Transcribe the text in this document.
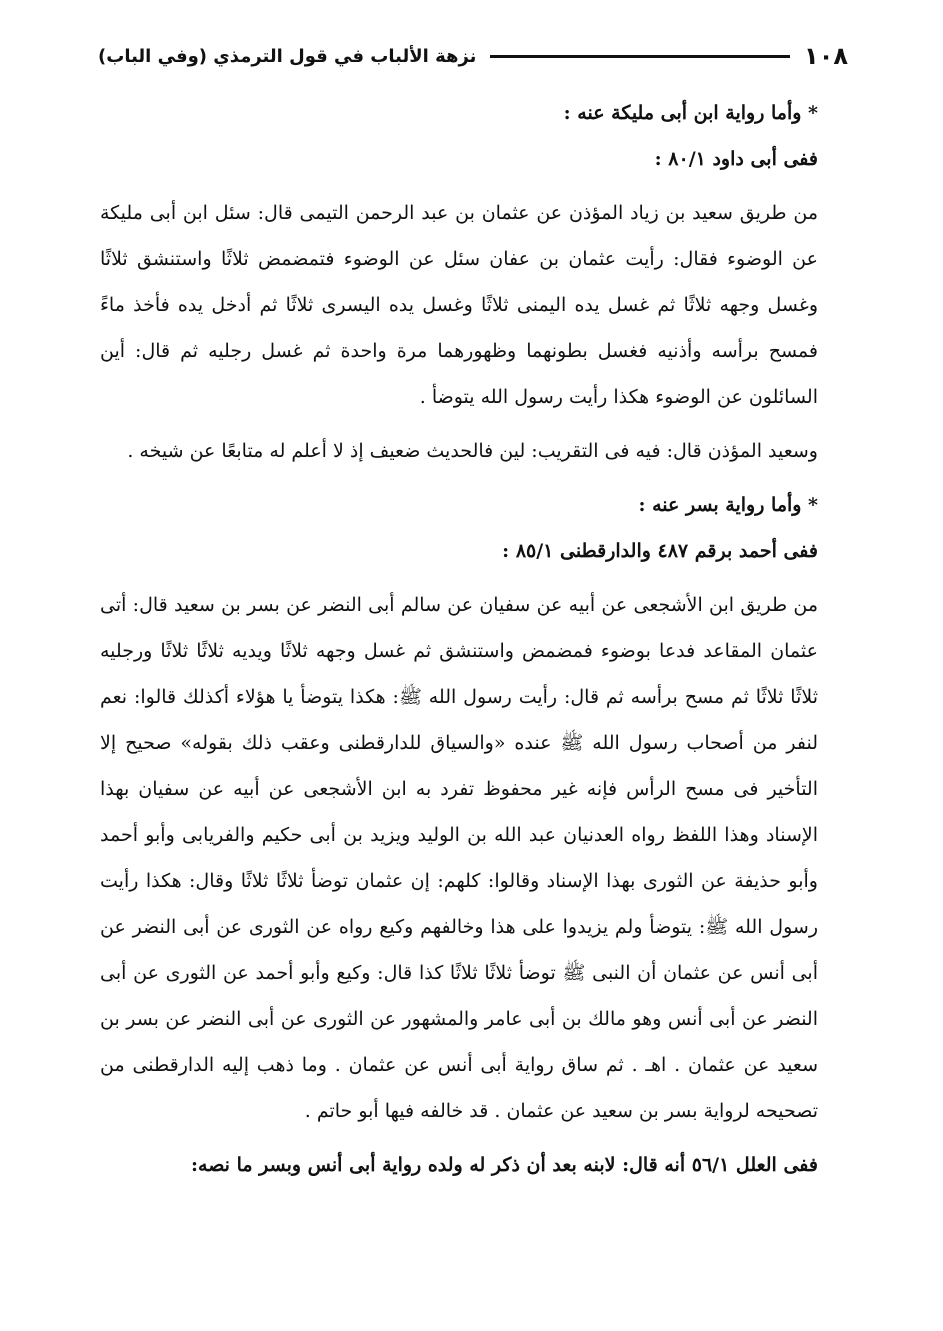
١٠٨
نزهة الألباب في قول الترمذي (وفي الباب)

* وأما رواية ابن أبى مليكة عنه :

ففى أبى داود ٨٠/١ :

من طريق سعيد بن زياد المؤذن عن عثمان بن عبد الرحمن التيمى قال: سئل ابن أبى مليكة عن الوضوء فقال: رأيت عثمان بن عفان سئل عن الوضوء فتمضمض ثلاثًا واستنشق ثلاثًا وغسل وجهه ثلاثًا ثم غسل يده اليمنى ثلاثًا وغسل يده اليسرى ثلاثًا ثم أدخل يده فأخذ ماءً فمسح برأسه وأذنيه فغسل بطونهما وظهورهما مرة واحدة ثم غسل رجليه ثم قال: أين السائلون عن الوضوء هكذا رأيت رسول الله يتوضأ .

وسعيد المؤذن قال: فيه فى التقريب: لين فالحديث ضعيف إذ لا أعلم له متابعًا عن شيخه .

* وأما رواية بسر عنه :

ففى أحمد برقم ٤٨٧ والدارقطنى ٨٥/١ :

من طريق ابن الأشجعى عن أبيه عن سفيان عن سالم أبى النضر عن بسر بن سعيد قال: أتى عثمان المقاعد فدعا بوضوء فمضمض واستنشق ثم غسل وجهه ثلاثًا ويديه ثلاثًا ثلاثًا ورجليه ثلاثًا ثلاثًا ثم مسح برأسه ثم قال: رأيت رسول الله ﷺ: هكذا يتوضأ يا هؤلاء أكذلك قالوا: نعم لنفر من أصحاب رسول الله ﷺ عنده «والسياق للدارقطنى وعقب ذلك بقوله» صحيح إلا التأخير فى مسح الرأس فإنه غير محفوظ تفرد به ابن الأشجعى عن أبيه عن سفيان بهذا الإسناد وهذا اللفظ رواه العدنيان عبد الله بن الوليد ويزيد بن أبى حكيم والفريابى وأبو أحمد وأبو حذيفة عن الثورى بهذا الإسناد وقالوا: كلهم: إن عثمان توضأ ثلاثًا ثلاثًا وقال: هكذا رأيت رسول الله ﷺ: يتوضأ ولم يزيدوا على هذا وخالفهم وكيع رواه عن الثورى عن أبى النضر عن أبى أنس عن عثمان أن النبى ﷺ توضأ ثلاثًا ثلاثًا كذا قال: وكيع وأبو أحمد عن الثورى عن أبى النضر عن أبى أنس وهو مالك بن أبى عامر والمشهور عن الثورى عن أبى النضر عن بسر بن سعيد عن عثمان . اهـ . ثم ساق رواية أبى أنس عن عثمان . وما ذهب إليه الدارقطنى من تصحيحه لرواية بسر بن سعيد عن عثمان . قد خالفه فيها أبو حاتم .

ففى العلل ٥٦/١ أنه قال: لابنه بعد أن ذكر له ولده رواية أبى أنس وبسر ما نصه:
